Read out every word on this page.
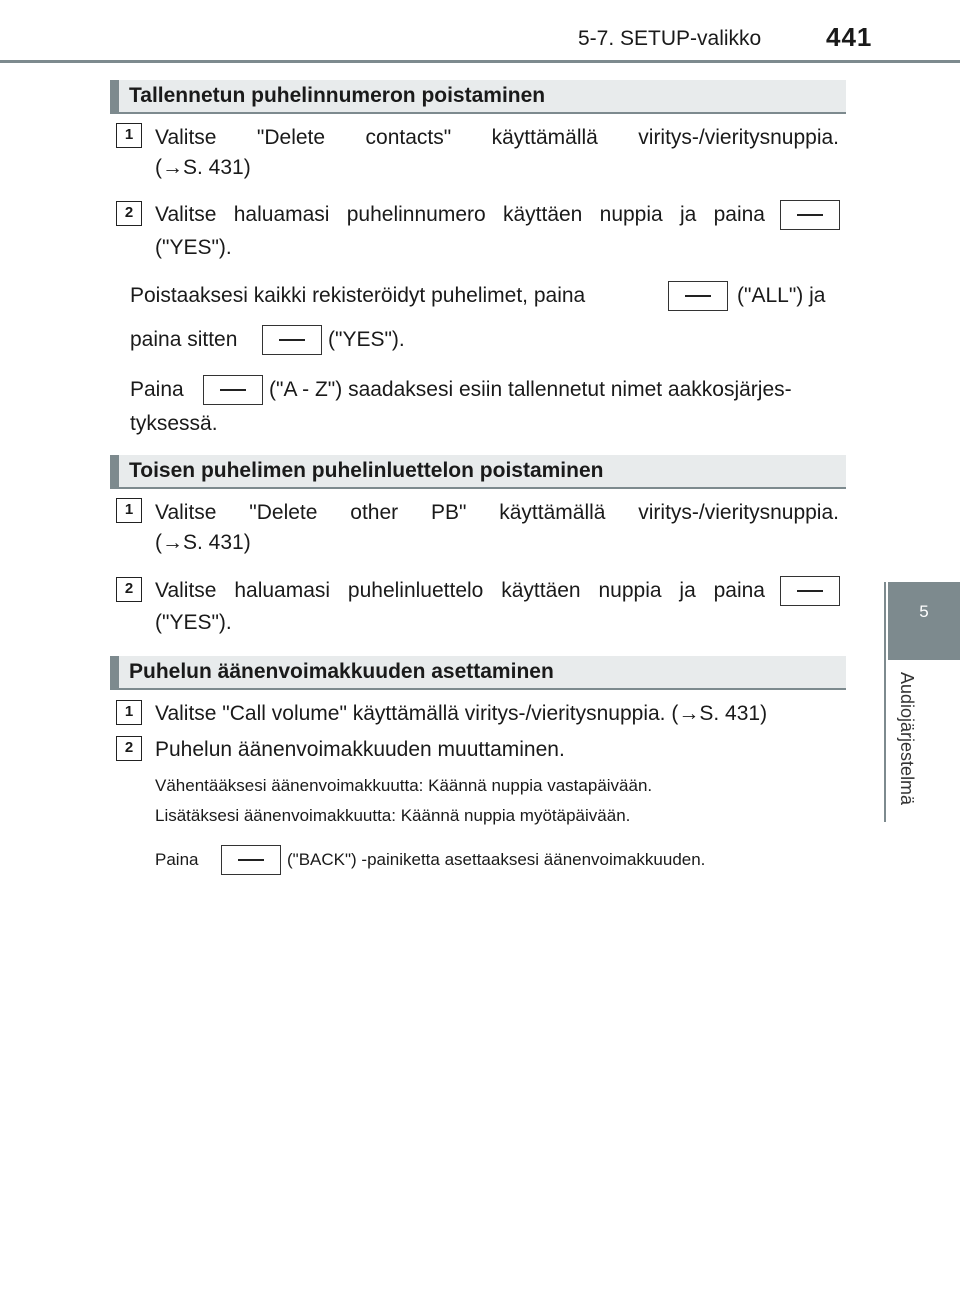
5-7. SETUP-valikko 441
5
Audiojärjestelmä
Tallennetun puhelinnumeron poistaminen
1	Valitse "Delete contacts" käyttämällä viritys-/vieritysnuppia.
(→S. 431)
2	Valitse haluamasi puhelinnumero käyttäen nuppia ja paina
("YES").
Poistaaksesi kaikki rekisteröidyt puhelimet, paina	("ALL") ja
paina sitten	("YES").
Paina	("A - Z") saadaksesi esiin tallennetut nimet aakkosjärjes-
tyksessä.
Toisen puhelimen puhelinluettelon poistaminen
1	Valitse "Delete other PB" käyttämällä viritys-/vieritysnuppia.
(→S. 431)
2	Valitse haluamasi puhelinluettelo käyttäen nuppia ja paina
("YES").
Puhelun äänenvoimakkuuden asettaminen
1	Valitse "Call volume" käyttämällä viritys-/vieritysnuppia. (→S. 431)
2	Puhelun äänenvoimakkuuden muuttaminen.
Vähentääksesi äänenvoimakkuutta: Käännä nuppia vastapäivään.
Lisätäksesi äänenvoimakkuutta: Käännä nuppia myötäpäivään.
Paina	("BACK") -painiketta asettaaksesi äänenvoimakkuuden.
